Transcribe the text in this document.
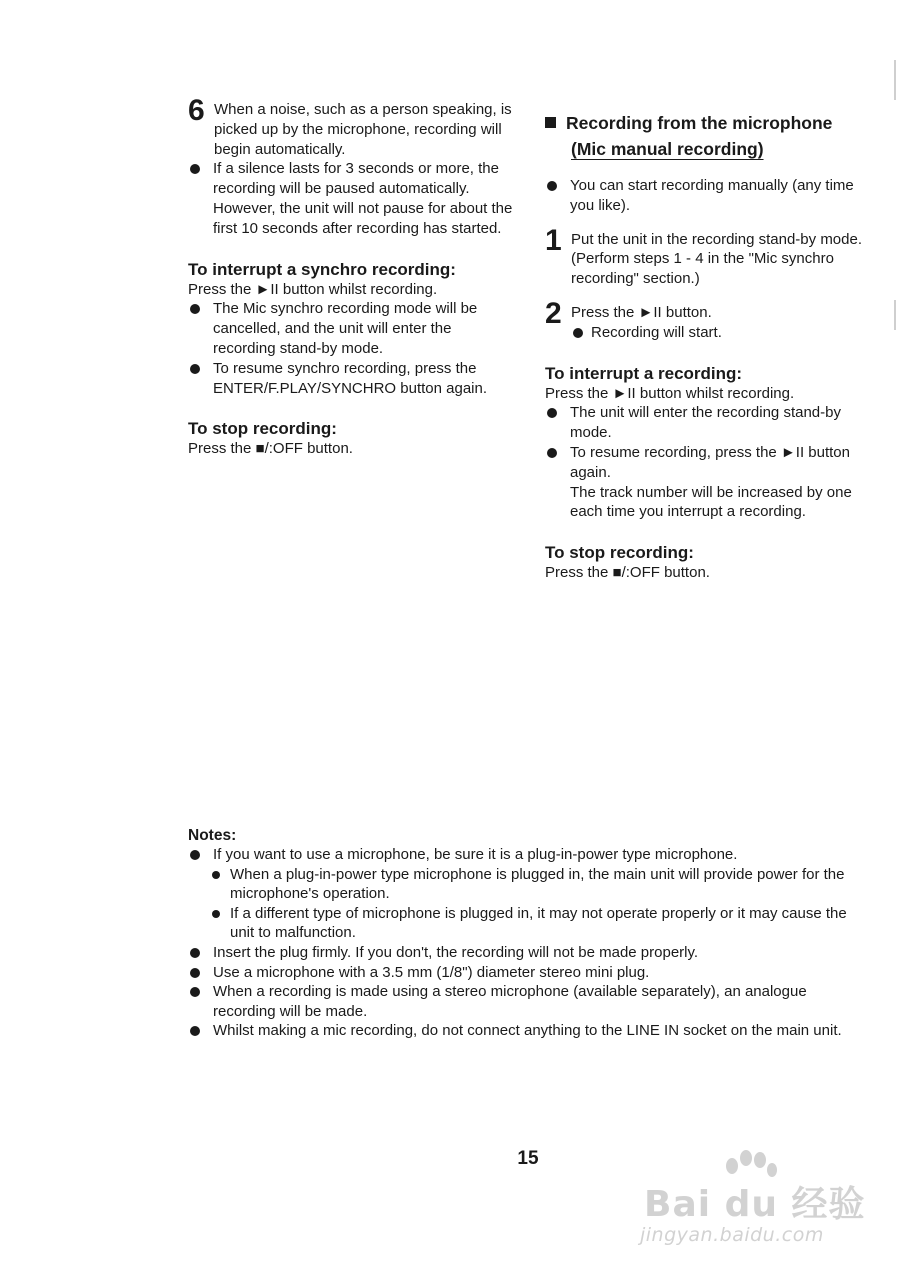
6 When a noise, such as a person speaking, is picked up by the microphone, recording will begin automatically.
If a silence lasts for 3 seconds or more, the recording will be paused automatically. However, the unit will not pause for about the first 10 seconds after recording has started.
To interrupt a synchro recording:
Press the ►II button whilst recording.
The Mic synchro recording mode will be cancelled, and the unit will enter the recording stand-by mode.
To resume synchro recording, press the ENTER/F.PLAY/SYNCHRO button again.
To stop recording:
Press the ■/:OFF button.
Recording from the microphone
(Mic manual recording)
You can start recording manually (any time you like).
1 Put the unit in the recording stand-by mode. (Perform steps 1 - 4 in the "Mic synchro recording" section.)
2 Press the ►II button.
Recording will start.
To interrupt a recording:
Press the ►II button whilst recording.
The unit will enter the recording stand-by mode.
To resume recording, press the ►II button again.
The track number will be increased by one each time you interrupt a recording.
To stop recording:
Press the ■/:OFF button.
Notes:
If you want to use a microphone, be sure it is a plug-in-power type microphone.
When a plug-in-power type microphone is plugged in, the main unit will provide power for the microphone's operation.
If a different type of microphone is plugged in, it may not operate properly or it may cause the unit to malfunction.
Insert the plug firmly. If you don't, the recording will not be made properly.
Use a microphone with a 3.5 mm (1/8") diameter stereo mini plug.
When a recording is made using a stereo microphone (available separately), an analogue recording will be made.
Whilst making a mic recording, do not connect anything to the LINE IN socket on the main unit.
15
Bai du 经验
jingyan.baidu.com
